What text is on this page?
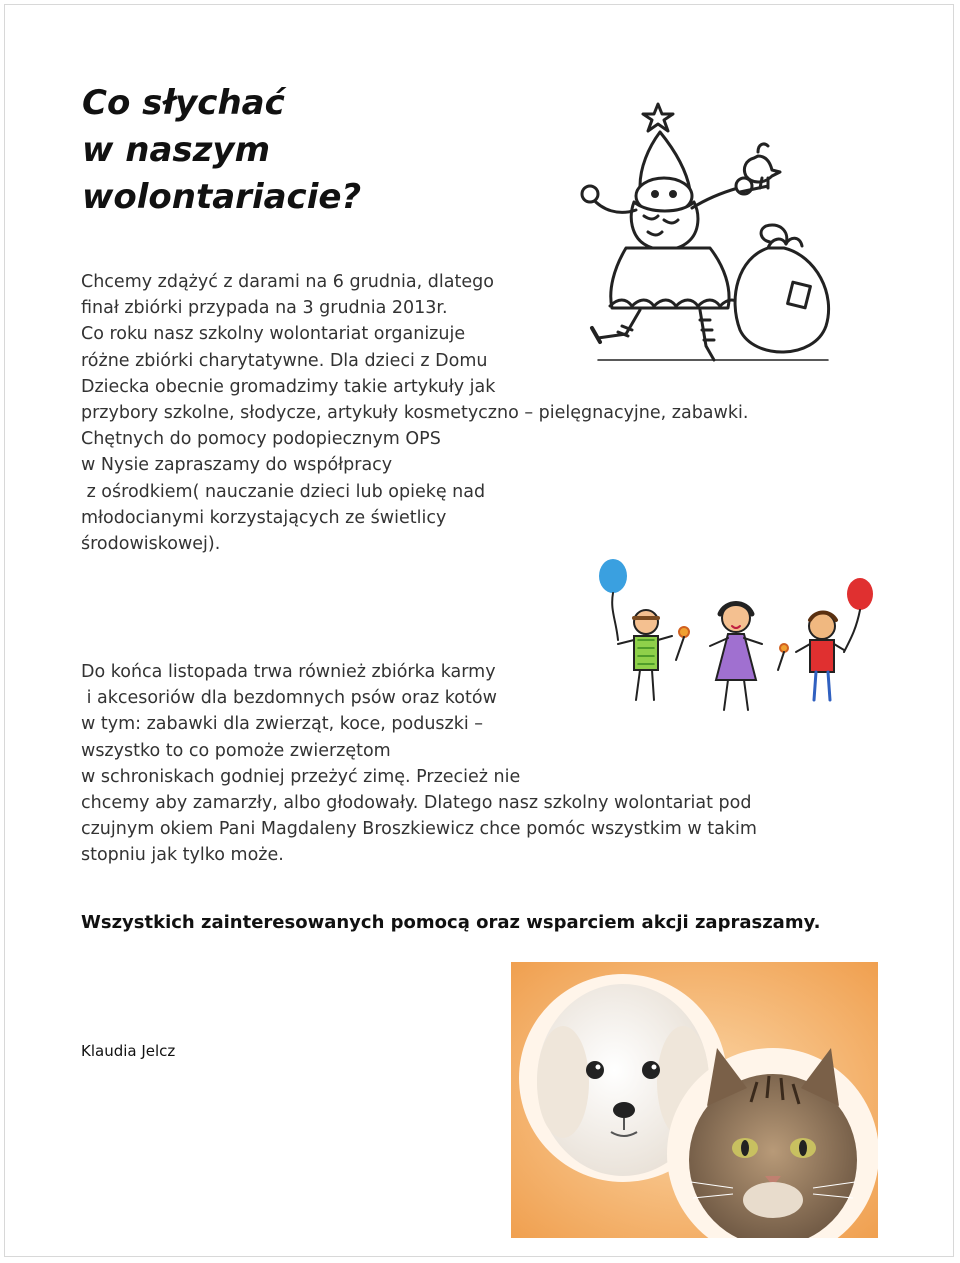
Co słychać
w naszym
wolontariacie?
Chcemy zdążyć z darami na 6 grudnia, dlatego
finał zbiórki przypada na 3 grudnia 2013r.
Co roku nasz szkolny wolontariat organizuje
różne zbiórki charytatywne. Dla dzieci z Domu
Dziecka obecnie gromadzimy takie artykuły jak
przybory szkolne, słodycze, artykuły kosmetyczno – pielęgnacyjne, zabawki.
Chętnych do pomocy podopiecznym OPS
w Nysie zapraszamy do współpracy
z ośrodkiem( nauczanie dzieci lub opiekę nad
młodocianymi korzystających ze świetlicy
środowiskowej).
Do końca listopada trwa również zbiórka karmy
i akcesoriów dla bezdomnych psów oraz kotów
w tym: zabawki dla zwierząt, koce, poduszki –
wszystko to co pomoże zwierzętom
w schroniskach godniej przeżyć zimę. Przecież nie
chcemy aby zamarzły, albo głodowały. Dlatego nasz szkolny wolontariat pod
czujnym okiem Pani Magdaleny Broszkiewicz chce pomóc wszystkim w takim
stopniu jak tylko może.

Wszystkich zainteresowanych pomocą oraz wsparciem akcji zapraszamy.

Klaudia Jelcz
